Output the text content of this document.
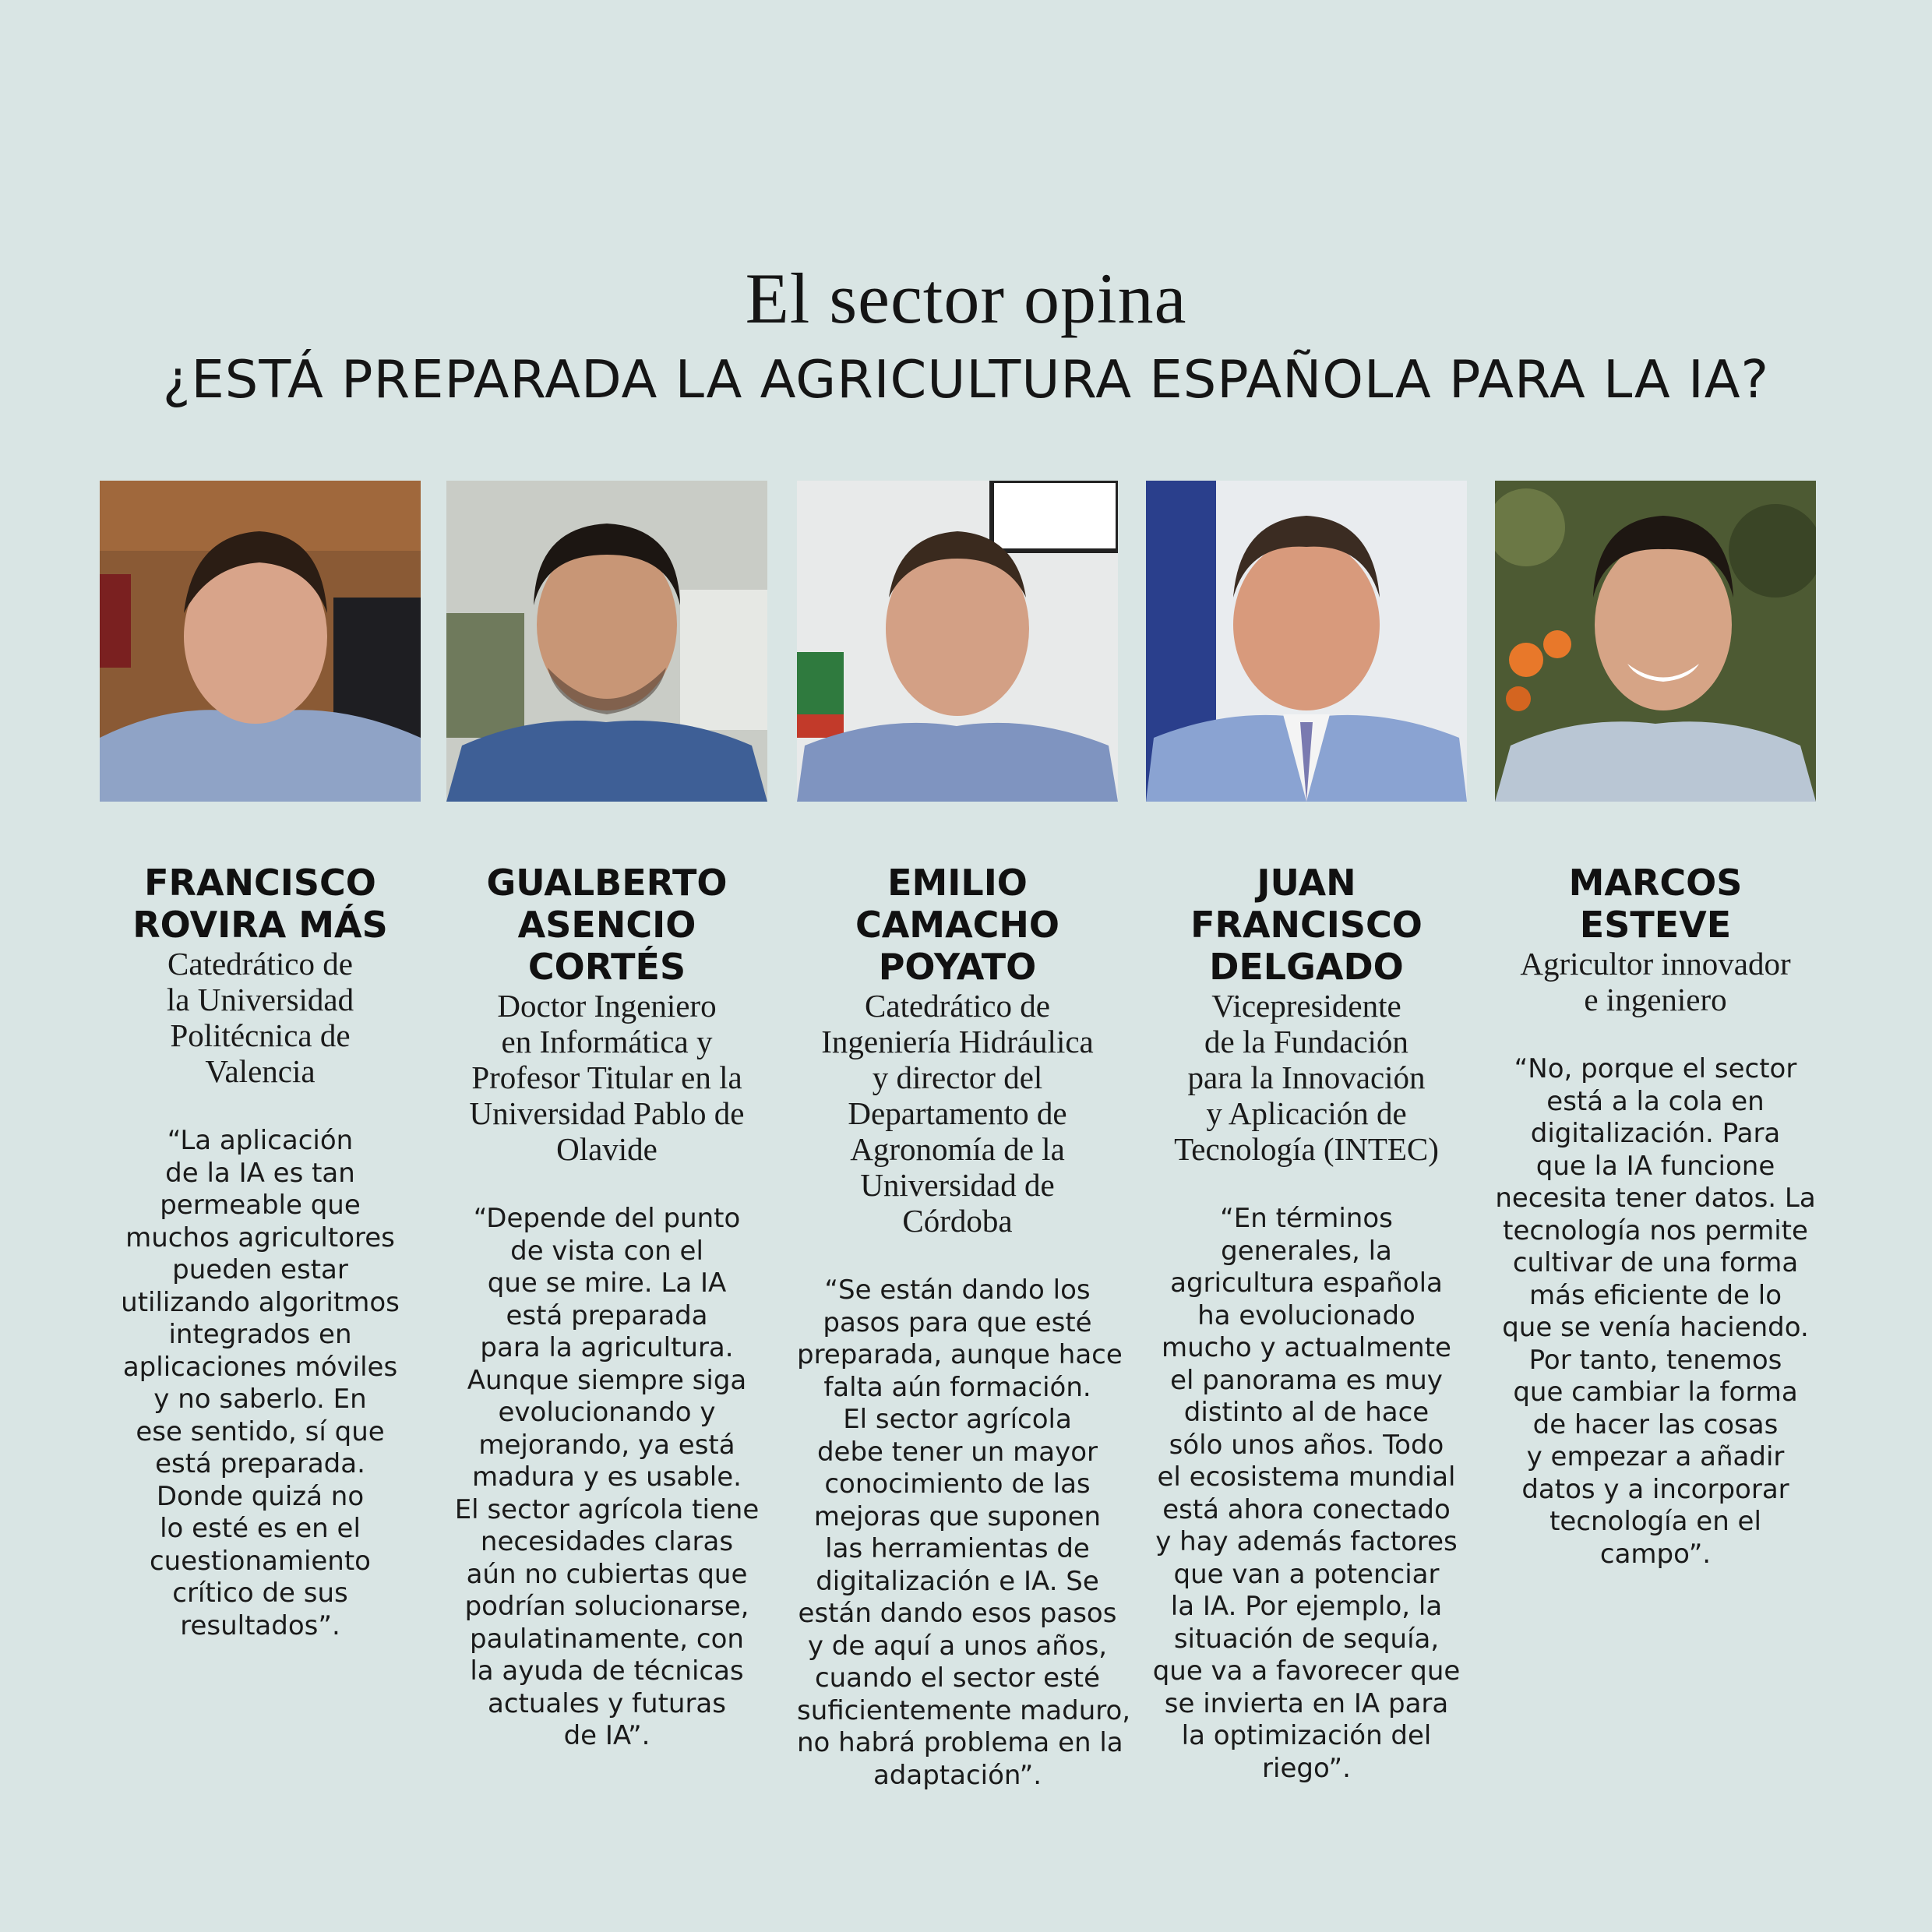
El sector opina
¿ESTÁ PREPARADA LA AGRICULTURA ESPAÑOLA PARA LA IA?
FRANCISCO
ROVIRA MÁS
Catedrático de
la Universidad
Politécnica de
Valencia
“La aplicación
de la IA es tan
permeable que
muchos agricultores
pueden estar
utilizando algoritmos
integrados en
aplicaciones móviles
y no saberlo. En
ese sentido, sí que
está preparada.
Donde quizá no
lo esté es en el
cuestionamiento
crítico de sus
resultados”.
GUALBERTO
ASENCIO
CORTÉS
Doctor Ingeniero
en Informática y
Profesor Titular en la
Universidad Pablo de
Olavide
“Depende del punto
de vista con el
que se mire. La IA
está preparada
para la agricultura.
Aunque siempre siga
evolucionando y
mejorando, ya está
madura y es usable.
El sector agrícola tiene
necesidades claras
aún no cubiertas que
podrían solucionarse,
paulatinamente, con
la ayuda de técnicas
actuales y futuras
de IA”.
EMILIO
CAMACHO
POYATO
Catedrático de
Ingeniería Hidráulica
y director del
Departamento de
Agronomía de la
Universidad de
Córdoba
“Se están dando los
pasos para que esté
preparada, aunque hace
falta aún formación.
El sector agrícola
debe tener un mayor
conocimiento de las
mejoras que suponen
las herramientas de
digitalización e IA. Se
están dando esos pasos
y de aquí a unos años,
cuando el sector esté
suficientemente maduro,
no habrá problema en la
adaptación”.
JUAN
FRANCISCO
DELGADO
Vicepresidente
de la Fundación
para la Innovación
y Aplicación de
Tecnología (INTEC)
“En términos
generales, la
agricultura española
ha evolucionado
mucho y actualmente
el panorama es muy
distinto al de hace
sólo unos años. Todo
el ecosistema mundial
está ahora conectado
y hay además factores
que van a potenciar
la IA. Por ejemplo, la
situación de sequía,
que va a favorecer que
se invierta en IA para
la optimización del
riego”.
MARCOS
ESTEVE
Agricultor innovador
e ingeniero
“No, porque el sector
está a la cola en
digitalización. Para
que la IA funcione
necesita tener datos. La
tecnología nos permite
cultivar de una forma
más eficiente de lo
que se venía haciendo.
Por tanto, tenemos
que cambiar la forma
de hacer las cosas
y empezar a añadir
datos y a incorporar
tecnología en el
campo”.
